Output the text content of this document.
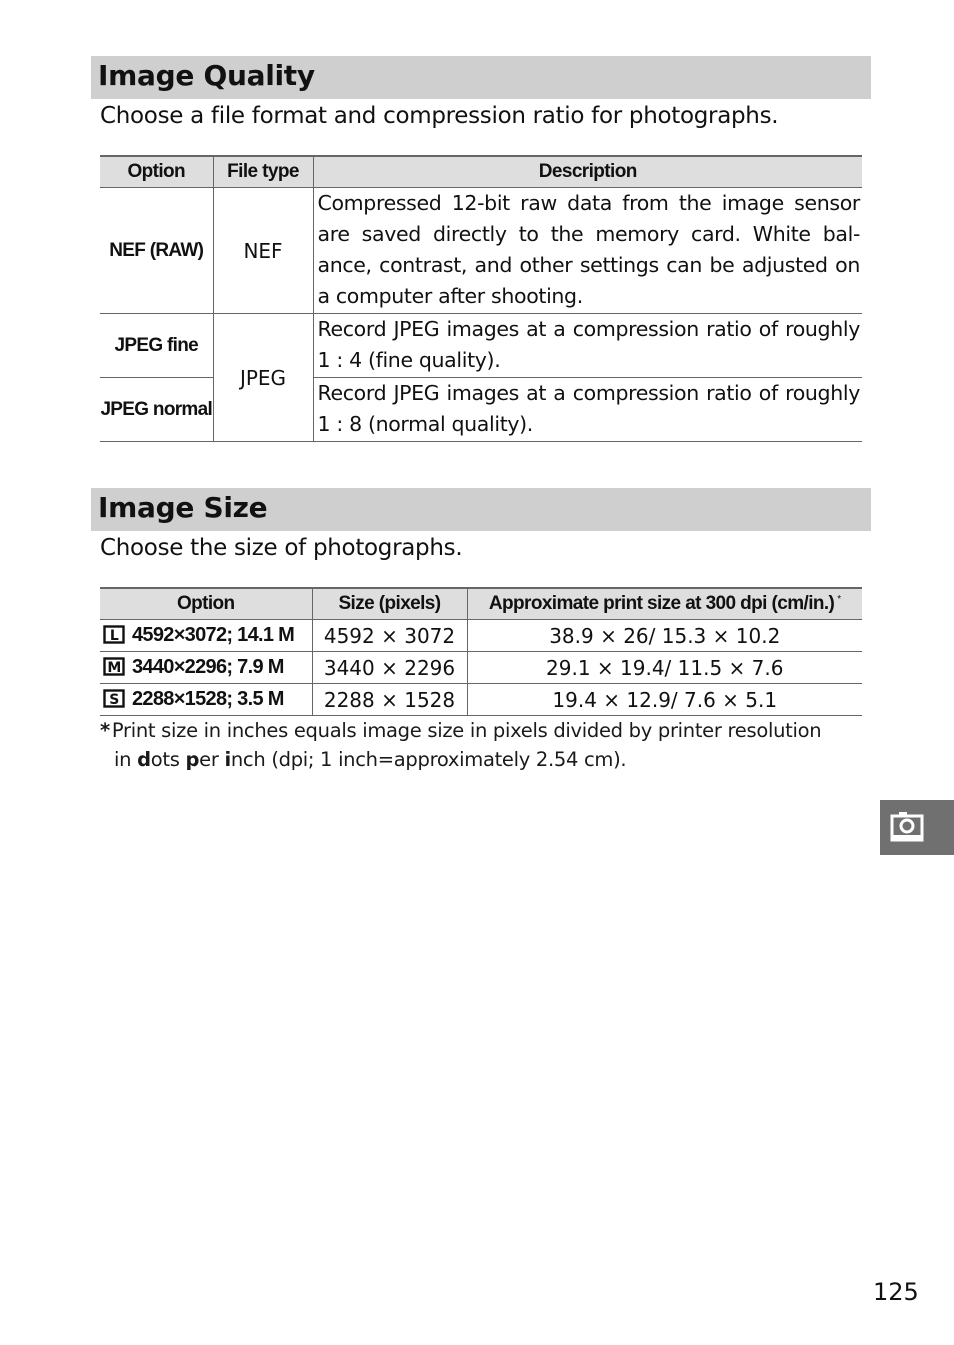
Image Quality

Choose a file format and compression ratio for photographs.

Option	File type	Description
NEF (RAW)	NEF	Compressed 12-bit raw data from the image sensor are saved directly to the memory card. White bal-ance, contrast, and other settings can be adjusted on a computer after shooting.
JPEG fine	JPEG	Record JPEG images at a compression ratio of roughly 1 : 4 (fine quality).
JPEG normal		Record JPEG images at a compression ratio of roughly 1 : 8 (normal quality).
Image Size

Choose the size of photographs.

Option	Size (pixels)	Approximate print size at 300 dpi (cm/in.) *

L 4592×3072; 14.1 M	4592 × 3072	38.9 × 26/ 15.3 × 10.2

M 3440×2296; 7.9 M	3440 × 2296	29.1 × 19.4/ 11.5 × 7.6

S 2288×1528; 3.5 M	2288 × 1528	19.4 × 12.9/ 7.6 × 5.1
* Print size in inches equals image size in pixels divided by printer resolution
in dots per inch (dpi; 1 inch=approximately 2.54 cm).
125
